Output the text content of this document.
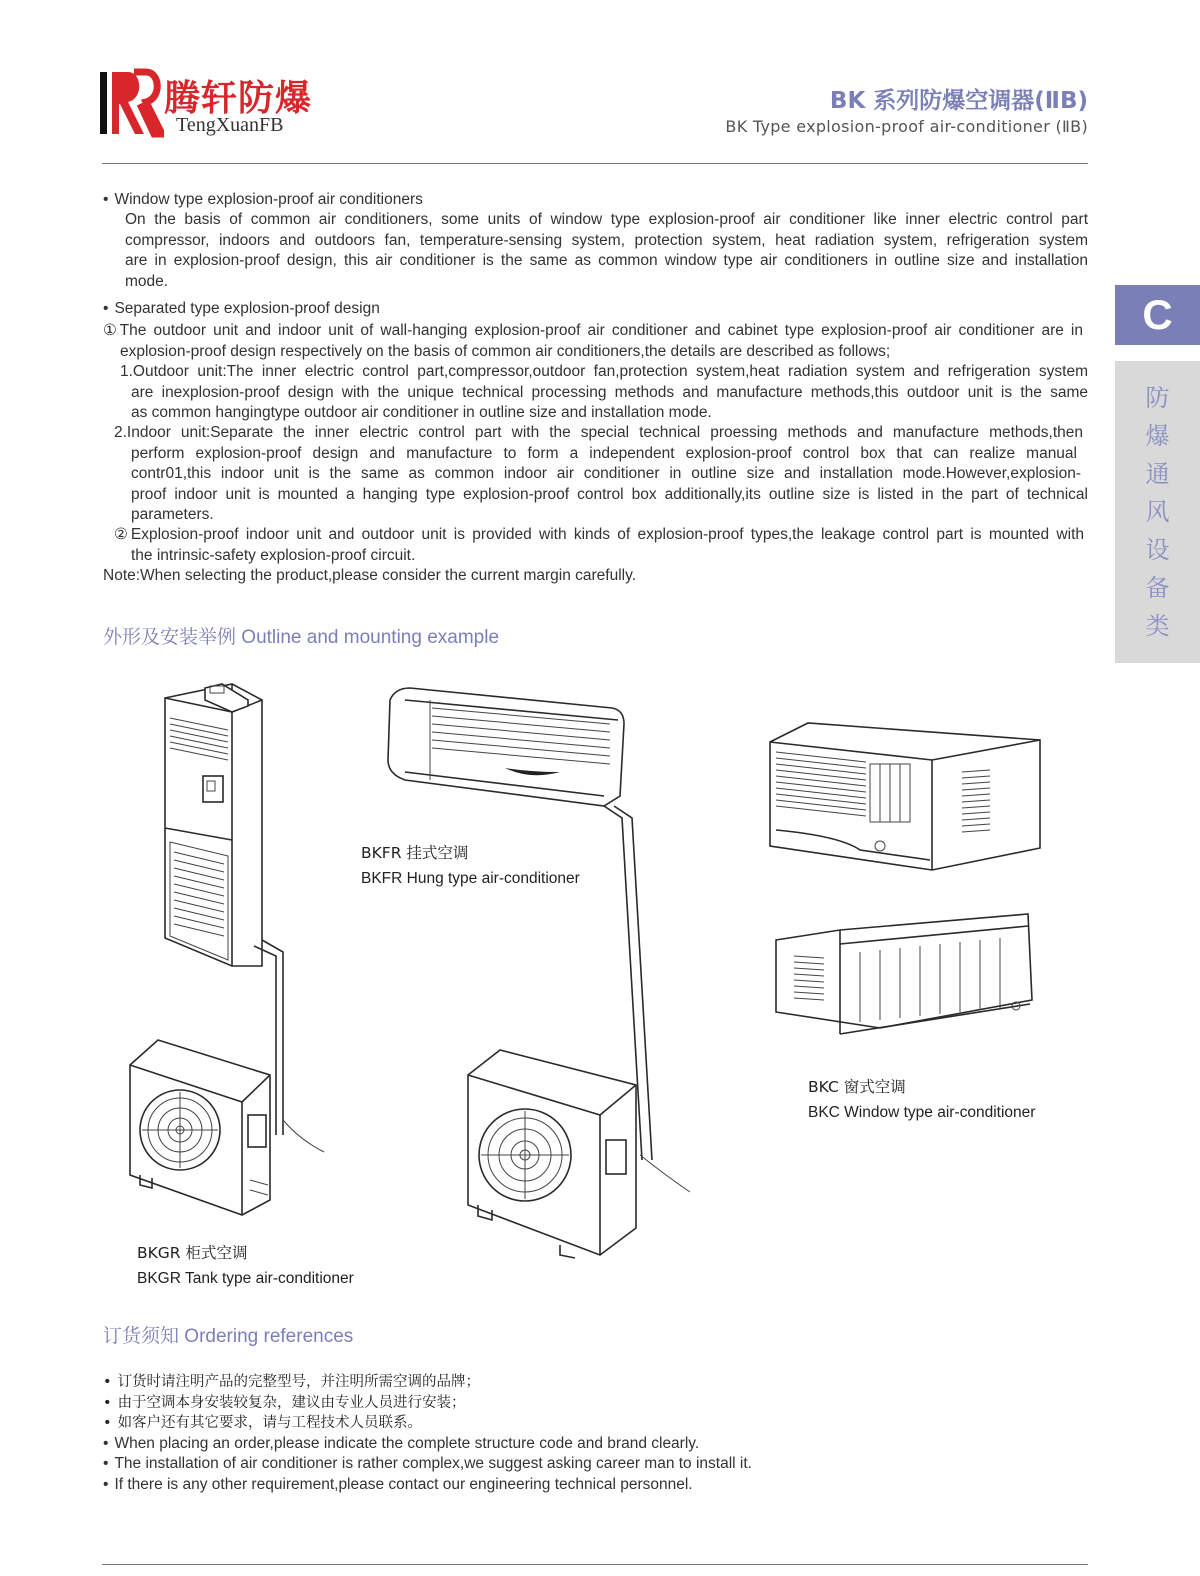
腾轩防爆
TengXuanFB
BK 系列防爆空调器(ⅡB)
BK Type explosion-proof air-conditioner (ⅡB)
C
防
爆
通
风
设
备
类
• Window type explosion-proof air conditioners
On the basis of common air conditioners, some units of window type explosion-proof air conditioner like inner electric control part
compressor, indoors and outdoors fan, temperature-sensing system, protection system, heat radiation system, refrigeration system
are in explosion-proof design, this air conditioner is the same as common window type air conditioners in outline size and installation
mode.
• Separated type explosion-proof design
①The outdoor unit and indoor unit of wall-hanging explosion-proof air conditioner and cabinet type explosion-proof air conditioner are in
explosion-proof design respectively on the basis of common air conditioners,the details are described as follows;
1.Outdoor unit:The inner electric control part,compressor,outdoor fan,protection system,heat radiation system and refrigeration system
are inexplosion-proof design with the unique technical processing methods and manufacture methods,this outdoor unit is the same
as common hangingtype outdoor air conditioner in outline size and installation mode.
2.Indoor unit:Separate the inner electric control part with the special technical proessing methods and manufacture methods,then
perform explosion-proof design and manufacture to form a independent explosion-proof control box that can realize manual
contr01,this indoor unit is the same as common indoor air conditioner in outline size and installation mode.However,explosion-
proof indoor unit is mounted a hanging type explosion-proof control box additionally,its outline size is listed in the part of technical
parameters.
②Explosion-proof indoor unit and outdoor unit is provided with kinds of explosion-proof types,the leakage control part is mounted with
the intrinsic-safety explosion-proof circuit.
Note:When selecting the product,please consider the current margin carefully.
外形及安装举例 Outline and mounting example
BKFR 挂式空调
BKFR Hung type air-conditioner
BKC 窗式空调
BKC Window type air-conditioner
BKGR 柜式空调
BKGR Tank type air-conditioner
订货须知 Ordering references
• 订货时请注明产品的完整型号，并注明所需空调的品牌；
• 由于空调本身安装较复杂，建议由专业人员进行安装；
• 如客户还有其它要求，请与工程技术人员联系。
• When placing an order,please indicate the complete structure code and brand clearly.
• The installation of air conditioner is rather complex,we suggest asking career man to install it.
• If there is any other requirement,please contact our engineering technical personnel.
